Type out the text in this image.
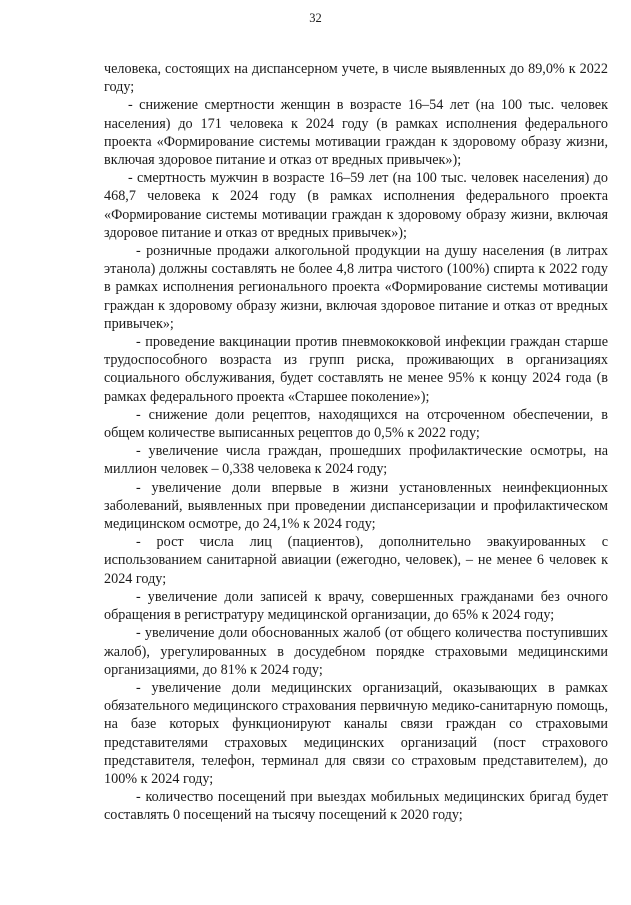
32

человека, состоящих на диспансерном учете, в числе выявленных до 89,0% к 2022 году;

- снижение смертности женщин в возрасте 16–54 лет (на 100 тыс. человек населения) до 171 человека к 2024 году (в рамках исполнения федерального проекта «Формирование системы мотивации граждан к здоровому образу жизни, включая здоровое питание и отказ от вредных привычек»);

- смертность мужчин в возрасте 16–59 лет (на 100 тыс. человек населения) до 468,7 человека к 2024 году (в рамках исполнения федерального проекта «Формирование системы мотивации граждан к здоровому образу жизни, включая здоровое питание и отказ от вредных привычек»);

- розничные продажи алкогольной продукции на душу населения (в литрах этанола) должны составлять не более 4,8 литра чистого (100%) спирта к 2022 году в рамках исполнения регионального проекта «Формирование системы мотивации граждан к здоровому образу жизни, включая здоровое питание и отказ от вредных привычек»;

- проведение вакцинации против пневмококковой инфекции граждан старше трудоспособного возраста из групп риска, проживающих в организациях социального обслуживания, будет составлять не менее 95% к концу 2024 года (в рамках федерального проекта «Старшее поколение»);

- снижение доли рецептов, находящихся на отсроченном обеспечении, в общем количестве выписанных рецептов до 0,5% к 2022 году;

- увеличение числа граждан, прошедших профилактические осмотры, на миллион человек – 0,338 человека к 2024 году;

- увеличение доли впервые в жизни установленных неинфекционных заболеваний, выявленных при проведении диспансеризации и профилактическом медицинском осмотре, до 24,1% к 2024 году;

- рост числа лиц (пациентов), дополнительно эвакуированных с использованием санитарной авиации (ежегодно, человек), – не менее 6 человек к 2024 году;

- увеличение доли записей к врачу, совершенных гражданами без очного обращения в регистратуру медицинской организации, до 65% к 2024 году;

- увеличение доли обоснованных жалоб (от общего количества поступивших жалоб), урегулированных в досудебном порядке страховыми медицинскими организациями, до 81% к 2024 году;

- увеличение доли медицинских организаций, оказывающих в рамках обязательного медицинского страхования первичную медико-санитарную помощь, на базе которых функционируют каналы связи граждан со страховыми представителями страховых медицинских организаций (пост страхового представителя, телефон, терминал для связи со страховым представителем), до 100% к 2024 году;

- количество посещений при выездах мобильных медицинских бригад будет составлять 0 посещений на тысячу посещений к 2020 году;
